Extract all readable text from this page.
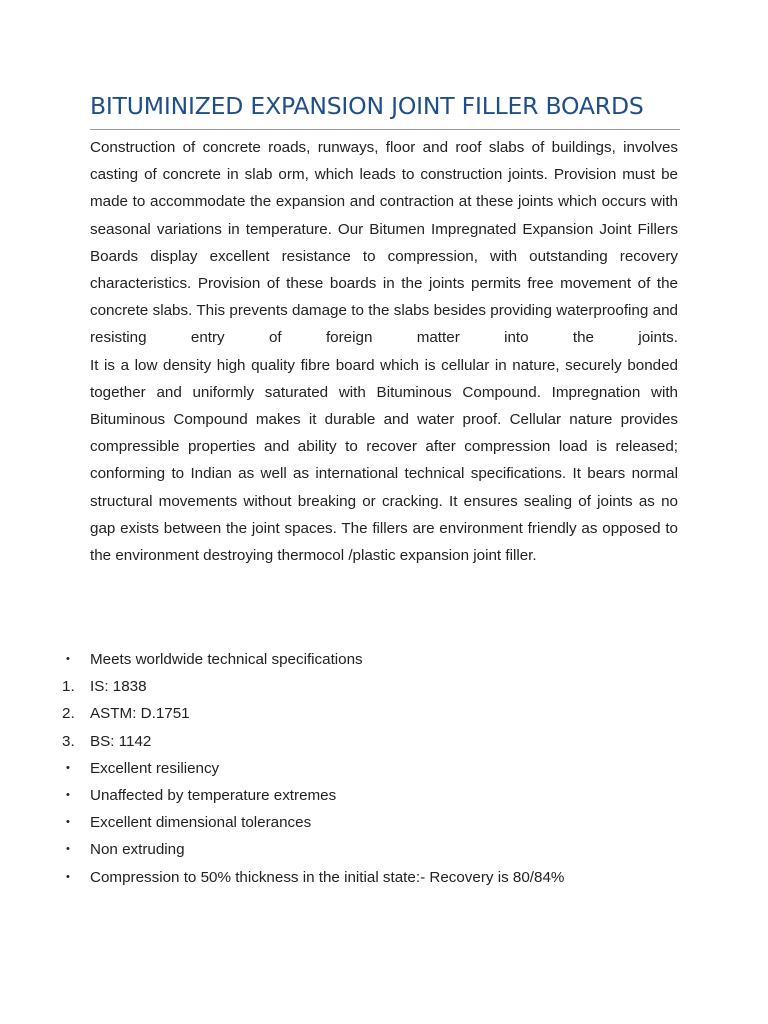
BITUMINIZED EXPANSION JOINT FILLER BOARDS

Construction of concrete roads, runways, floor and roof slabs of buildings, involves casting of concrete in slab orm, which leads to construction joints. Provision must be made to accommodate the expansion and contraction at these joints which occurs with seasonal variations in temperature. Our Bitumen Impregnated Expansion Joint Fillers Boards display excellent resistance to compression, with outstanding recovery characteristics. Provision of these boards in the joints permits free movement of the concrete slabs. This prevents damage to the slabs besides providing waterproofing and resisting entry of foreign matter into the joints.

It is a low density high quality fibre board which is cellular in nature, securely bonded together and uniformly saturated with Bituminous Compound. Impregnation with Bituminous Compound makes it durable and water proof. Cellular nature provides compressible properties and ability to recover after compression load is released; conforming to Indian as well as international technical specifications. It bears normal structural movements without breaking or cracking. It ensures sealing of joints as no gap exists between the joint spaces. The fillers are environment friendly as opposed to the environment destroying thermocol /plastic expansion joint filler.

•	Meets worldwide technical specifications
1.	IS: 1838
2.	ASTM: D.1751
3.	BS: 1142
•	Excellent resiliency
•	Unaffected by temperature extremes
•	Excellent dimensional tolerances
•	Non extruding
•	Compression to 50% thickness in the initial state:- Recovery is 80/84%
